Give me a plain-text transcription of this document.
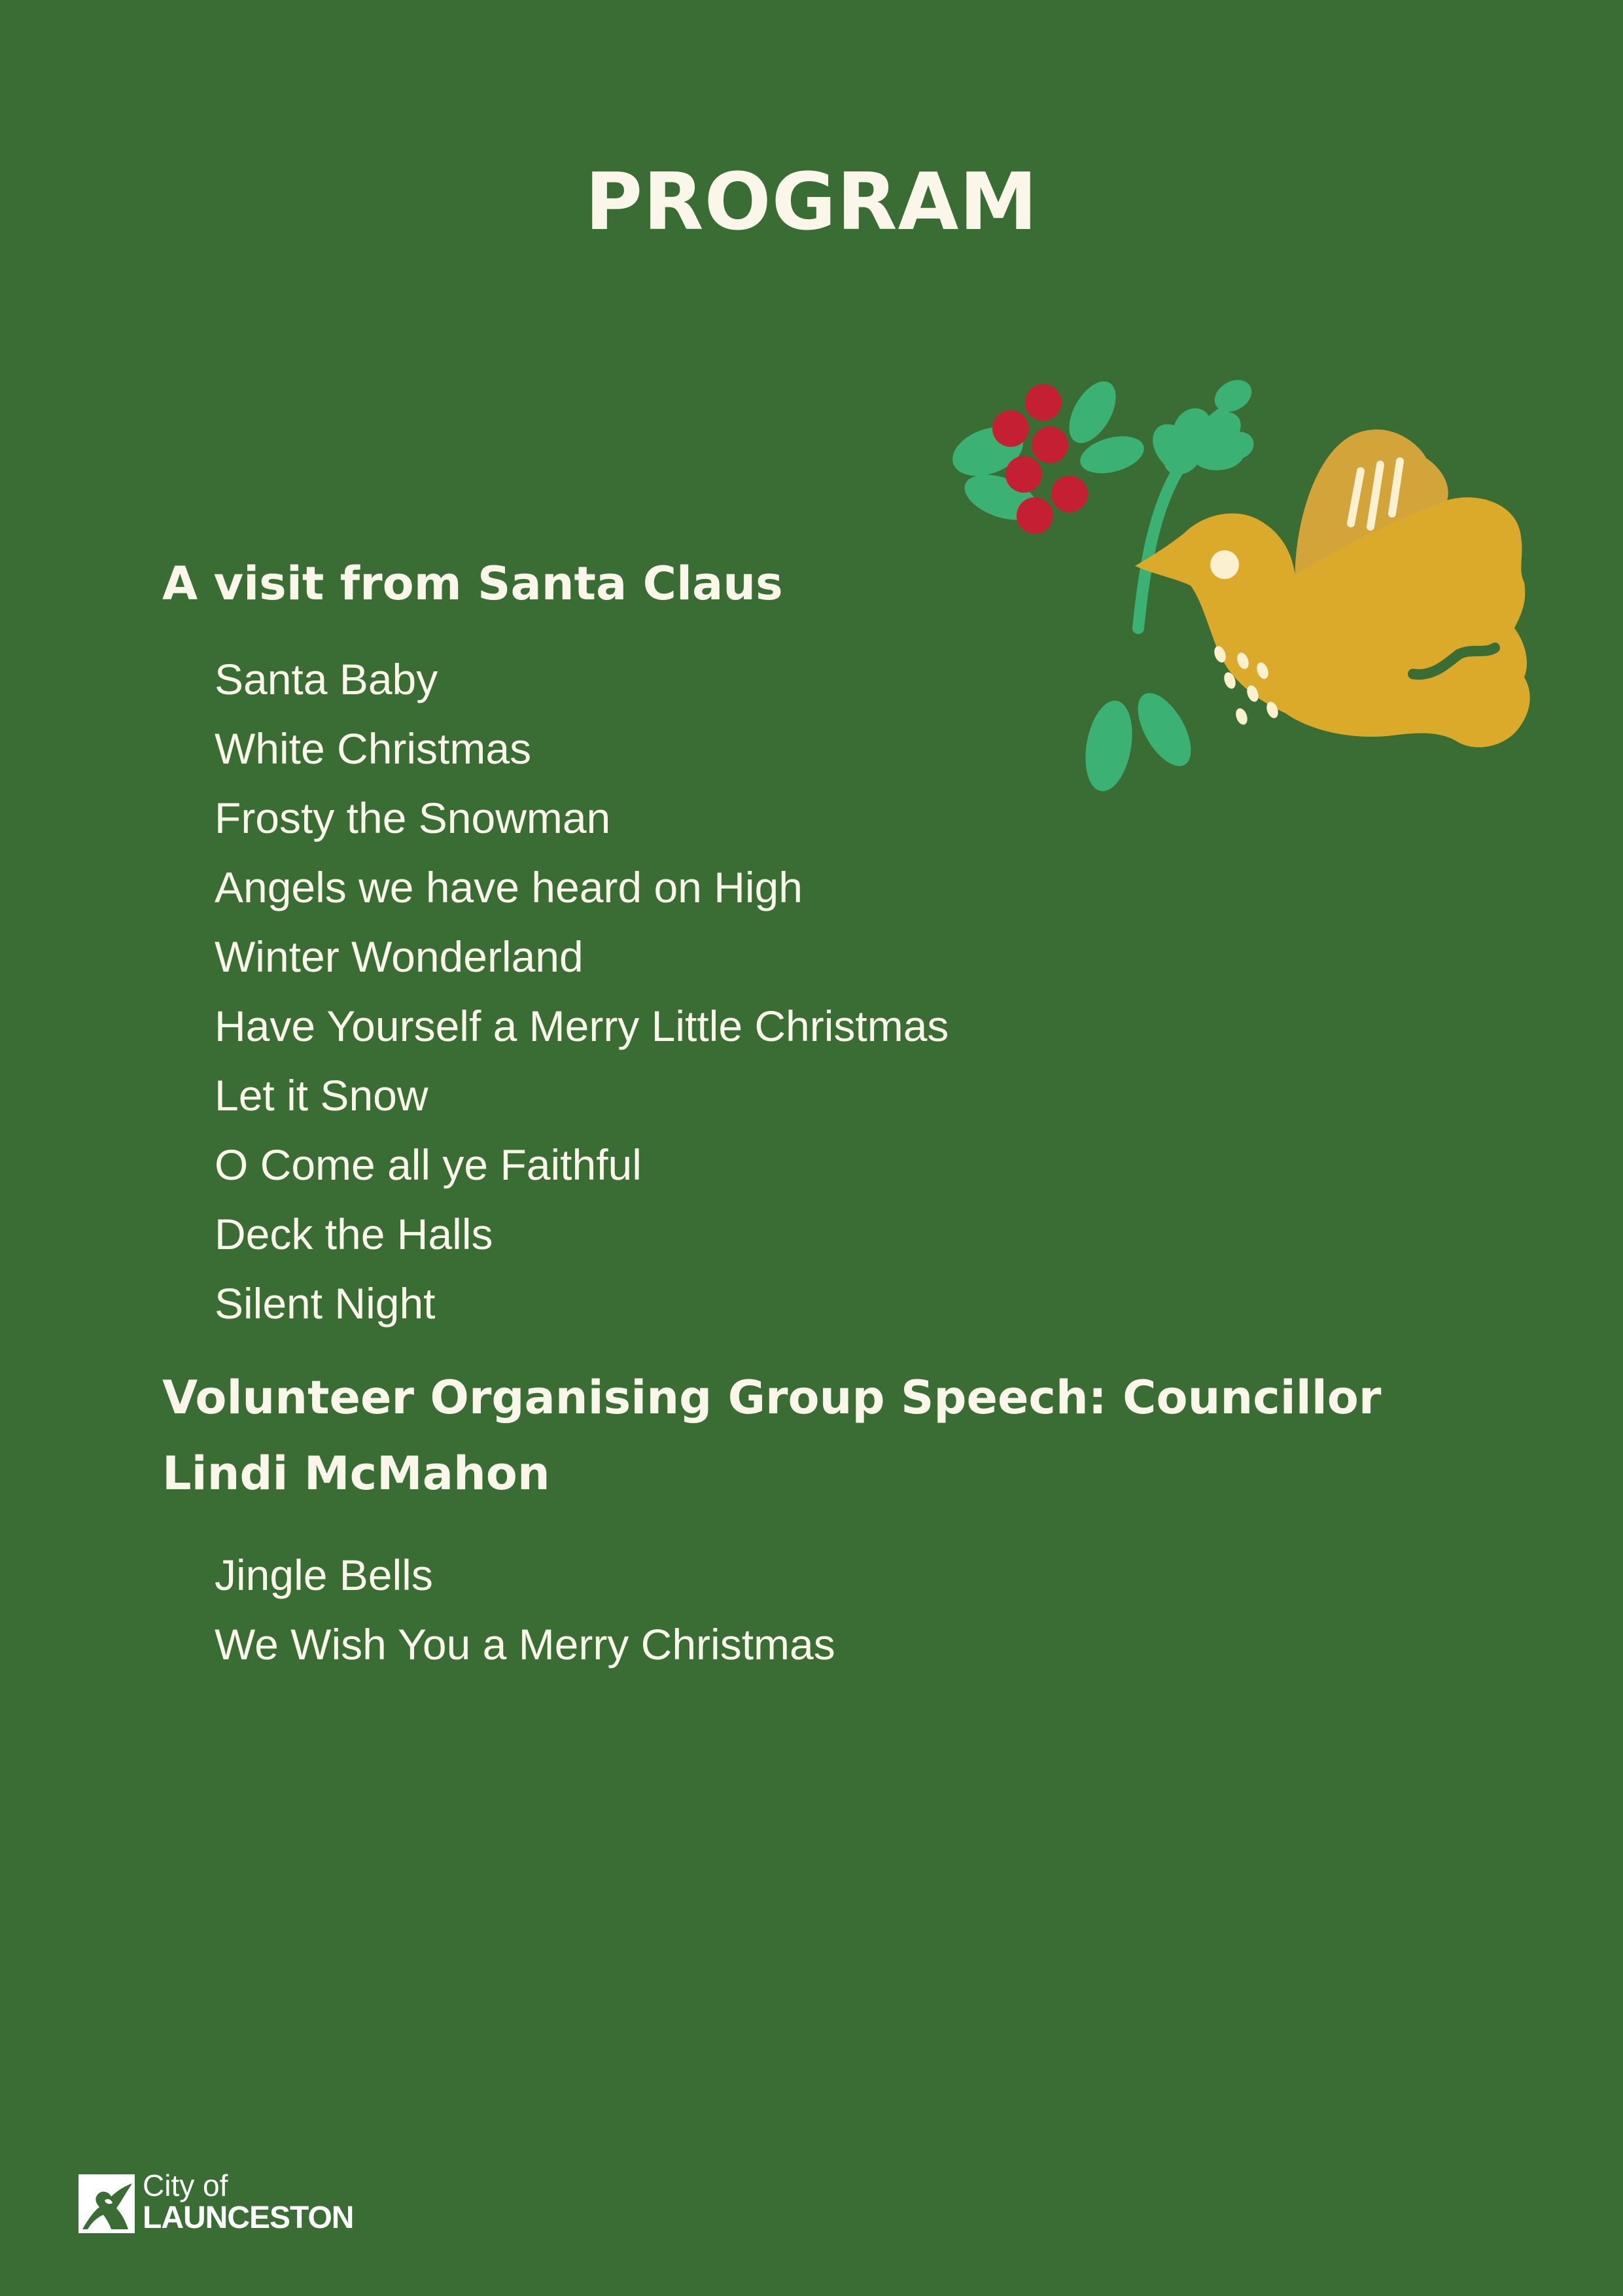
PROGRAM
A visit from Santa Claus
Santa Baby
White Christmas
Frosty the Snowman
Angels we have heard on High
Winter Wonderland
Have Yourself a Merry Little Christmas
Let it Snow
O Come all ye Faithful
Deck the Halls
Silent Night
Volunteer Organising Group Speech: Councillor Lindi McMahon
Jingle Bells
We Wish You a Merry Christmas
City of
LAUNCESTON
